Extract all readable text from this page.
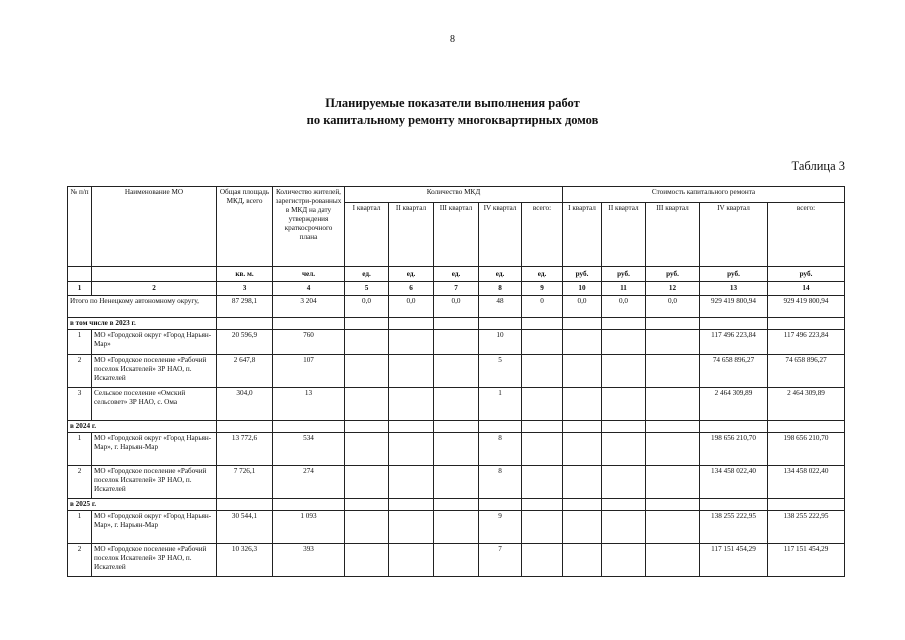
8
Планируемые показатели выполнения работ
по капитальному ремонту многоквартирных домов
Таблица 3
№ п/п	Наименование МО	Общая площадь МКД, всего	Количество жителей, зарегистри-рованных в МКД на дату утверждения краткосрочного плана	Количество МКД					Стоимость капитального ремонта				
				I квартал	II квартал	III квартал	IV квартал	всего:	I квартал	II квартал	III квартал	IV квартал	всего:
		кв. м.	чел.	ед.	ед.	ед.	ед.	ед.	руб.	руб.	руб.	руб.	руб.
1	2	3	4	5	6	7	8	9	10	11	12	13	14
Итого по Ненецкому автономному округу,		87 298,1	3 204	0,0	0,0	0,0	48	0	0,0	0,0	0,0	929 419 800,94	929 419 800,94
в том числе в 2023 г.													
1	МО «Городской округ «Город Нарьян-Мар»	20 596,9	760				10					117 496 223,84	117 496 223,84
2	МО «Городское поселение «Рабочий поселок Искателей» ЗР НАО, п. Искателей	2 647,8	107				5					74 658 896,27	74 658 896,27
3	Сельское поселение «Омский сельсовет» ЗР НАО, с. Ома	304,0	13				1					2 464 309,89	2 464 309,89
в 2024 г.													
1	МО «Городской округ «Город Нарьян-Мар», г. Нарьян-Мар	13 772,6	534				8					198 656 210,70	198 656 210,70
2	МО «Городское поселение «Рабочий поселок Искателей» ЗР НАО, п. Искателей	7 726,1	274				8					134 458 022,40	134 458 022,40
в 2025 г.													
1	МО «Городской округ «Город Нарьян-Мар», г. Нарьян-Мар	30 544,1	1 093				9					138 255 222,95	138 255 222,95
2	МО «Городское поселение «Рабочий поселок Искателей» ЗР НАО, п. Искателей	10 326,3	393				7					117 151 454,29	117 151 454,29
